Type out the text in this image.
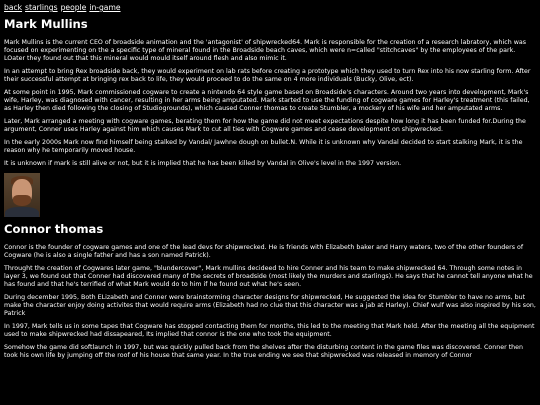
back starlings people in-game
Mark Mullins

Mark Mullins is the current CEO of broadside animation and the 'antagonist' of shipwrecked64. Mark is responsible for the creation of a research labratory, which was focused on experimenting on the a specific type of mineral found in the Broadside beach caves, which were n=called "stitchcaves" by the employees of the park. LOater they found out that this mineral would mould itself around flesh and also mimic it.

In an attempt to bring Rex broadside back, they would experiment on lab rats before creating a prototype which they used to turn Rex into his now starling form. After their successful attempt at bringing rex back to life, they would proceed to do the same on 4 more individuals (Bucky, Olive, ect).

At some point in 1995, Mark commissioned cogware to create a nintendo 64 style game based on Broadside's characters. Around two years into development, Mark's wife, Harley, was diagnosed with cancer, resulting in her arms being amputated. Mark started to use the funding of cogware games for Harley's treatment (this failed, as Harley then died following the closing of Studiogrounds), which caused Conner thomas to create Stumbler, a mockery of his wife and her amputated arms.

Later, Mark arranged a meeting with cogware games, berating them for how the game did not meet expectations despite how long it has been funded for.During the argument, Conner uses Harley against him which causes Mark to cut all ties with Cogware games and cease development on shipwrecked.

In the early 2000s Mark now find himself being stalked by Vandal/ Jawhne dough on bullet.N. While it is unknown why Vandal decided to start stalking Mark, it is the reason why he temporarily moved house.

It is unknown if mark is still alive or not, but it is implied that he has been killed by Vandal in Olive's level in the 1997 version.

Connor thomas

Connor is the founder of cogware games and one of the lead devs for shipwrecked. He is friends with Elizabeth baker and Harry waters, two of the other founders of Cogware (he is also a single father and has a son named Patrick).

Throught the creation of Cogwares later game, "blundercover", Mark mullins decideed to hire Conner and his team to make shipwrecked 64. Through some notes in layer 3, we found out that Conner had discovered many of the secrets of broadside (most likely the murders and starlings). He says that he cannot tell anyone what he has found and that he's terrified of what Mark would do to him if he found out what he's seen.

During december 1995, Both ELizabeth and Conner were brainstorming character designs for shipwrecked, He suggested the idea for Stumbler to have no arms, but make the character enjoy doing activites that would require arms (Elizabeth had no clue that this character was a jab at Harley). Chief wulf was also inspired by his son, Patrick

In 1997, Mark tells us in some tapes that Cogware has stopped contacting them for months, this led to the meeting that Mark held. After the meeting all the equipment used to make shipwrecked had dissapeared, Its implied that connor is the one who took the equipment.

Somehow the game did softlaunch in 1997, but was quickly pulled back from the shelves after the disturbing content in the game files was discovered. Conner then took his own life by jumping off the roof of his house that same year. In the true ending we see that shipwrecked was released in memory of Connor
